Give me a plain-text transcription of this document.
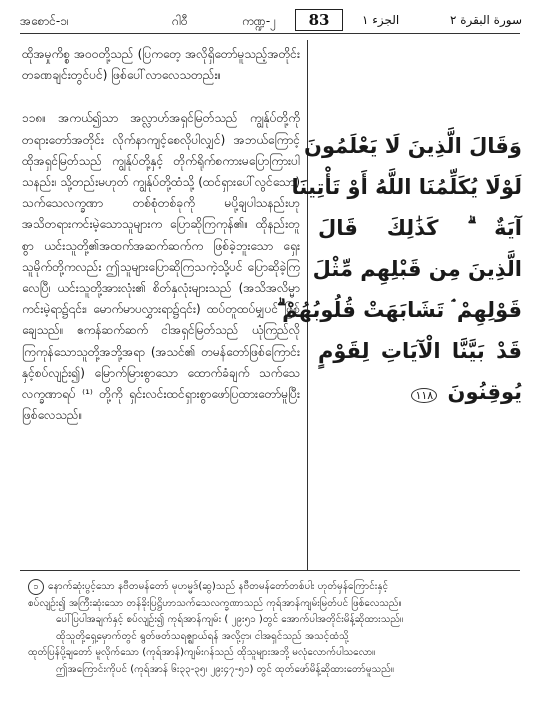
အစောင်-၁၊	ဂါဝီ	ကဏ္ဍ-၂	83	الجزء ١	سورة البقرة ٢

ထိုအမှုကိစ္စ အဝဝတို့သည် (ပြကတေ့ အလိုရှိတော်မူသည့်အတိုင်း တခဏချင်းတွင်ပင်) ဖြစ်ပေါ်လာလေသတည်း။

၁၁၈။ အကယ်၍သာ အလ္လာဟ်အရှင်မြတ်သည် ကျွန်ုပ်တို့ကို တရားတော်အတိုင်း လိုက်နာကျင့်စေလိုပါလျှင်) အဘယ်ကြောင့် ထိုအရှင်မြတ်သည် ကျွန်ုပ်တို့နှင့် တိုက်ရိုက်စကားမပြောကြားပါသနည်း၊ သို့တည်းမဟုတ် ကျွန်ုပ်တို့ထံသို့ (ထင်ရှားပေါ်လွင်သော) သက်သေလက္ခဏာ တစ်စုံတစ်ခုကို မပို့ချပါသနည်းဟု အသိတရားကင်းမဲ့သောသူများက ပြောဆိုကြကုန်၏။ ထိုနည်းတူစွာ ယင်းသူတို့၏အထက်အဆက်ဆက်က ဖြစ်ခဲ့ဘူးသော ရှေးသူမိုက်တို့ကလည်း ဤသူများပြောဆိုကြသကဲ့သို့ပင် ပြောဆိုခဲ့ကြလေပြီ၊ ယင်းသူတို့အားလုံး၏ စိတ်နှလုံးများသည် (အသိအလိမ္မာကင်းမဲ့ရာ၌၎င်း၊ မောက်မာပလွှားရာ၌၎င်း) ထပ်တူထပ်မျှပင် ဖြစ်ချေသည်။ ဧကန်ဆက်ဆက် ငါအရှင်မြတ်သည် ယုံကြည်လိုကြကုန်သောသူတို့အဘို့အရာ (အသင်၏ တမန်တော်ဖြစ်ကြောင်းနှင့်စပ်လျဉ်း၍) မြောက်မြားစွာသော ထောက်ခံချက် သက်သေလက္ခဏာရပ် ⁽¹⁾ တို့ကို ရှင်းလင်းထင်ရှားစွာဖော်ပြထားတော်မူပြီးဖြစ်လေသည်။

وَقَالَ الَّذِينَ لَا يَعْلَمُونَ
لَوْلَا يُكَلِّمُنَا اللَّهُ أَوْ تَأْتِينَا
آيَةٌ ۗ كَذَٰلِكَ قَالَ
الَّذِينَ مِن قَبْلِهِم مِّثْلَ
قَوْلِهِمْ ۘ تَشَابَهَتْ قُلُوبُهُمْ ۗ
قَدْ بَيَّنَّا الْآيَاتِ لِقَوْمٍ
يُوقِنُونَ ١١٨
၁ နောက်ဆုံးပွင့်သော နဗီတမန်တော် မုဟမ္မဒ်(ဆွ)သည် နဗီတမန်တော်တစ်ပါး ဟုတ်မှန်ကြောင်းနှင့်
စပ်လျဉ်း၍ အကြီးဆုံးသော တန်ခိုးပြဋ္ဌိဟာသက်သေလက္ခဏာသည် ကုရ်အာန်ကျမ်းမြတ်ပင် ဖြစ်လေသည်။
ပေါ်ပြပါအချက်နှင့် စပ်လျဉ်း၍ ကုရ်အာန်ကျမ်း ( ၂၉း၅၁ )တွင် အောက်ပါအတိုင်းမိန့်ဆိုထားသည်။
ထိုသူတို့ရှေ့မှောက်တွင် ရွတ်ဖတ်သရဇ္ဈာယ်ရန် အလို့ငှာ၊ ငါအရှင်သည် အသင့်ထံသို့
ထုတ်ပြန်ပို့ချတော် မူလိုက်သော (ကုရ်အာန်)ကျမ်းဂန်သည် ထိုသူများအဘို့ မလုံလောက်ပါသလော။
ဤအကြောင်းကိုပင် (ကုရ်အာန် ၆း၃၃-၃၅၊ ၂၉း၄၇-၅၁) တွင် ထုတ်ဖော်မိန့်ဆိုထားတော်မူသည်။
